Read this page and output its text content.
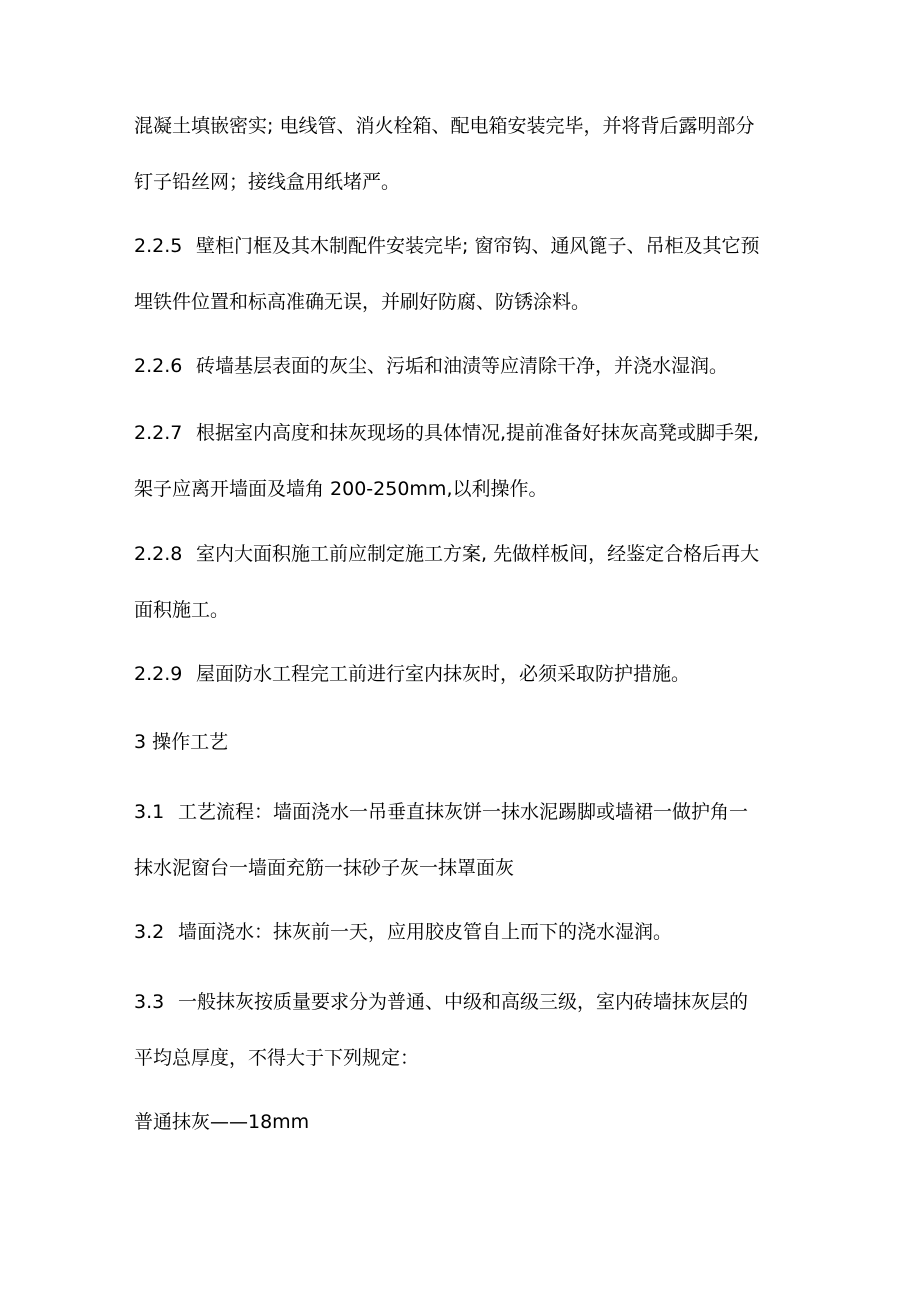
混凝土填嵌密实; 电线管、消火栓箱、配电箱安装完毕，并将背后露明部分
钉子铅丝网；接线盒用纸堵严。

2.2.5 壁柜门框及其木制配件安装完毕; 窗帘钩、通风篦子、吊柜及其它预
埋铁件位置和标高准确无误，并刷好防腐、防锈涂料。

2.2.6 砖墙基层表面的灰尘、污垢和油渍等应清除干净，并浇水湿润。

2.2.7 根据室内高度和抹灰现场的具体情况,提前准备好抹灰高凳或脚手架,
架子应离开墙面及墙角 200-250mm,以利操作。

2.2.8 室内大面积施工前应制定施工方案, 先做样板间，经鉴定合格后再大
面积施工。

2.2.9 屋面防水工程完工前进行室内抹灰时，必须采取防护措施。

3 操作工艺

3.1 工艺流程：墙面浇水一吊垂直抹灰饼一抹水泥踢脚或墙裙一做护角一
抹水泥窗台一墙面充筋一抹砂子灰一抹罩面灰

3.2 墙面浇水：抹灰前一天，应用胶皮管自上而下的浇水湿润。

3.3 一般抹灰按质量要求分为普通、中级和高级三级，室内砖墙抹灰层的
平均总厚度，不得大于下列规定：

普通抹灰——18mm
